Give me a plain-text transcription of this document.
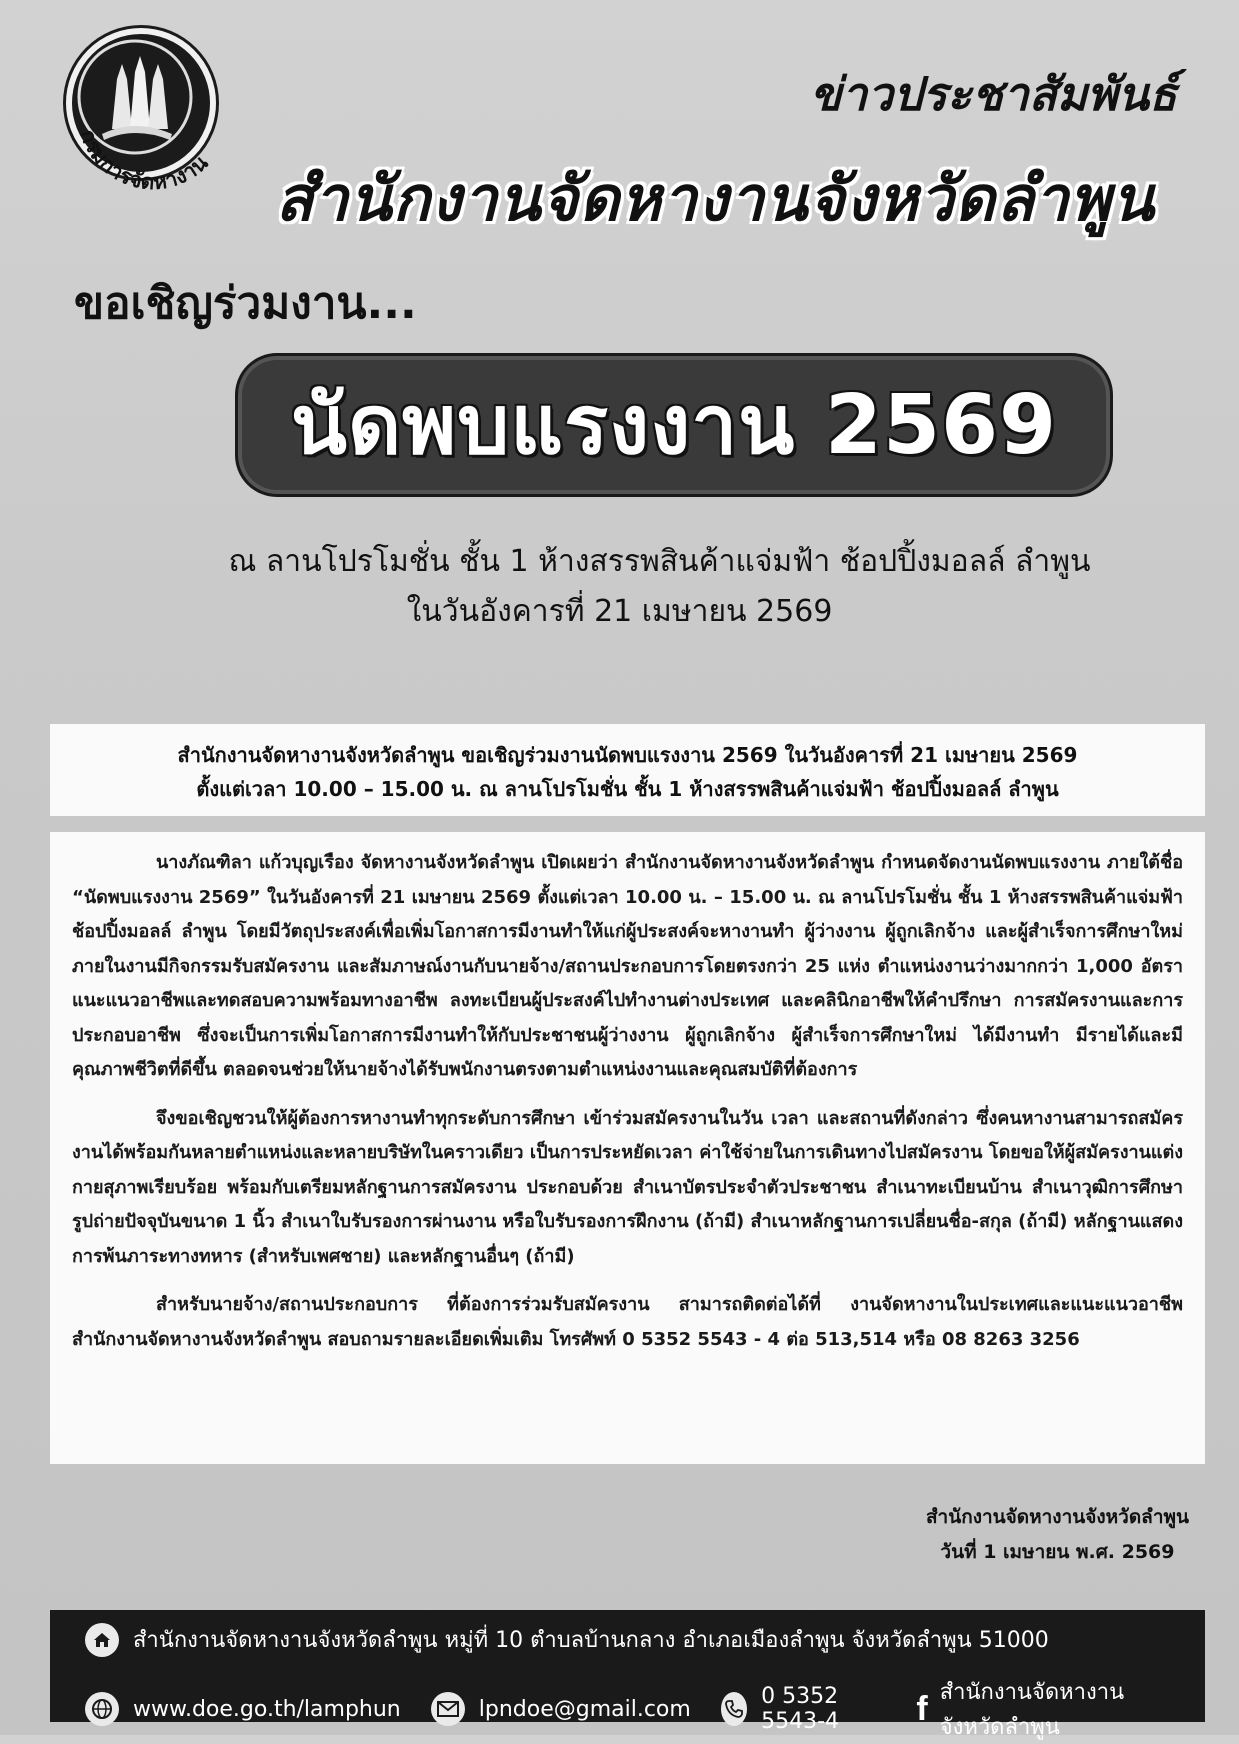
กรมการจัดหางาน
ข่าวประชาสัมพันธ์
สำนักงานจัดหางานจังหวัดลำพูน
ขอเชิญร่วมงาน...
นัดพบแรงงาน 2569
ณ ลานโปรโมชั่น ชั้น 1 ห้างสรรพสินค้าแจ่มฟ้า ช้อปปิ้งมอลล์ ลำพูน
ในวันอังคารที่ 21 เมษายน 2569

สำนักงานจัดหางานจังหวัดลำพูน ขอเชิญร่วมงานนัดพบแรงงาน 2569 ในวันอังคารที่ 21 เมษายน 2569

ตั้งแต่เวลา 10.00 – 15.00 น. ณ ลานโปรโมชั่น ชั้น 1 ห้างสรรพสินค้าแจ่มฟ้า ช้อปปิ้งมอลล์ ลำพูน

นางภัณฑิลา แก้วบุญเรือง จัดหางานจังหวัดลำพูน เปิดเผยว่า สำนักงานจัดหางานจังหวัดลำพูน กำหนดจัดงานนัดพบแรงงาน ภายใต้ชื่อ “นัดพบแรงงาน 2569” ในวันอังคารที่ 21 เมษายน 2569 ตั้งแต่เวลา 10.00 น. – 15.00 น. ณ ลานโปรโมชั่น ชั้น 1 ห้างสรรพสินค้าแจ่มฟ้า ช้อปปิ้งมอลล์ ลำพูน โดยมีวัตถุประสงค์เพื่อเพิ่มโอกาสการมีงานทำให้แก่ผู้ประสงค์จะหางานทำ ผู้ว่างงาน ผู้ถูกเลิกจ้าง และผู้สำเร็จการศึกษาใหม่ ภายในงานมีกิจกรรมรับสมัครงาน และสัมภาษณ์งานกับนายจ้าง/สถานประกอบการโดยตรงกว่า 25 แห่ง ตำแหน่งงานว่างมากกว่า 1,000 อัตรา แนะแนวอาชีพและทดสอบความพร้อมทางอาชีพ ลงทะเบียนผู้ประสงค์ไปทำงานต่างประเทศ และคลินิกอาชีพให้คำปรึกษา การสมัครงานและการประกอบอาชีพ ซึ่งจะเป็นการเพิ่มโอกาสการมีงานทำให้กับประชาชนผู้ว่างงาน ผู้ถูกเลิกจ้าง ผู้สำเร็จการศึกษาใหม่ ได้มีงานทำ มีรายได้และมีคุณภาพชีวิตที่ดีขึ้น ตลอดจนช่วยให้นายจ้างได้รับพนักงานตรงตามตำแหน่งงานและคุณสมบัติที่ต้องการ

จึงขอเชิญชวนให้ผู้ต้องการหางานทำทุกระดับการศึกษา เข้าร่วมสมัครงานในวัน เวลา และสถานที่ดังกล่าว ซึ่งคนหางานสามารถสมัครงานได้พร้อมกันหลายตำแหน่งและหลายบริษัทในคราวเดียว เป็นการประหยัดเวลา ค่าใช้จ่ายในการเดินทางไปสมัครงาน โดยขอให้ผู้สมัครงานแต่งกายสุภาพเรียบร้อย พร้อมกับเตรียมหลักฐานการสมัครงาน ประกอบด้วย สำเนาบัตรประจำตัวประชาชน สำเนาทะเบียนบ้าน สำเนาวุฒิการศึกษา รูปถ่ายปัจจุบันขนาด 1 นิ้ว สำเนาใบรับรองการผ่านงาน หรือใบรับรองการฝึกงาน (ถ้ามี) สำเนาหลักฐานการเปลี่ยนชื่อ-สกุล (ถ้ามี) หลักฐานแสดงการพ้นภาระทางทหาร (สำหรับเพศชาย) และหลักฐานอื่นๆ (ถ้ามี)

สำหรับนายจ้าง/สถานประกอบการ ที่ต้องการร่วมรับสมัครงาน สามารถติดต่อได้ที่ งานจัดหางานในประเทศและแนะแนวอาชีพ สำนักงานจัดหางานจังหวัดลำพูน สอบถามรายละเอียดเพิ่มเติม โทรศัพท์ 0 5352 5543 - 4 ต่อ 513,514 หรือ 08 8263 3256

สำนักงานจัดหางานจังหวัดลำพูน
วันที่ 1 เมษายน พ.ศ. 2569
สำนักงานจัดหางานจังหวัดลำพูน หมู่ที่ 10 ตำบลบ้านกลาง อำเภอเมืองลำพูน จังหวัดลำพูน 51000
www.doe.go.th/lamphun	lpndoe@gmail.com	0 5352 5543-4	f สำนักงานจัดหางานจังหวัดลำพูน
